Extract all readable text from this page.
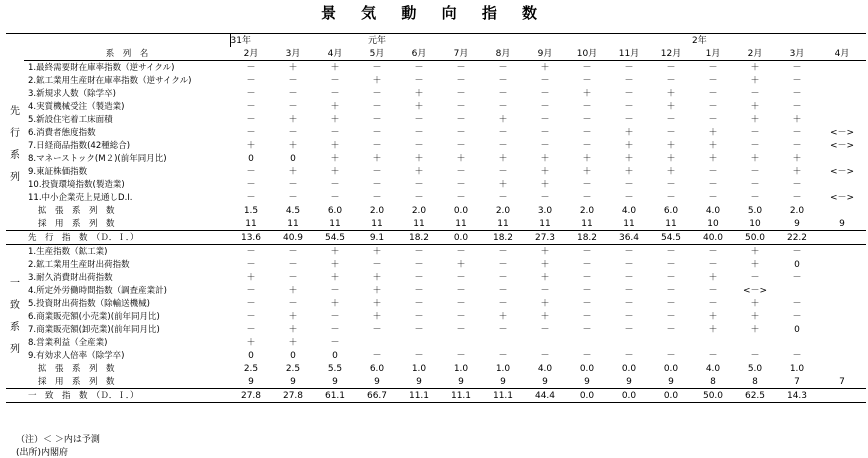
景 気 動 向 指 数
		31年			元年								2年			
	系　列　名	2月	3月	4月	5月	6月	7月	8月	9月	10月	11月	12月	1月	2月	3月	4月

先
行
系
列	1.最終需要財在庫率指数（逆サイクル)	－	＋	＋	－	－	－	－	＋	－	－	－	－	＋	－	
	2.鉱工業用生産財在庫率指数（逆サイクル)	－	－	－	＋	－	－	－	－	－	－	－	－	＋	－	
	3.新規求人数（除学卒)	－	－	－	－	＋	－	－	－	＋	－	＋	－	－	－	
	4.実質機械受注（製造業)	－	－	＋	－	＋	－	－	－	－	－	＋	－	＋	－	
	5.新設住宅着工床面積	－	＋	＋	－	－	－	＋	－	－	－	－	－	＋	＋	
	6.消費者態度指数	－	－	－	－	－	－	－	－	－	＋	－	＋	－	－	<－>
	7.日経商品指数(42種総合)	＋	＋	＋	－	－	－	－	－	－	＋	＋	＋	－	－	<－>
	8.マネーストック(M２)(前年同月比)	0	0	＋	＋	＋	＋	＋	＋	＋	＋	＋	＋	＋	＋	
	9.東証株価指数	－	＋	＋	－	＋	－	－	＋	＋	＋	＋	－	－	＋	<－>
	10.投資環境指数(製造業)	－	－	－	－	－	－	＋	＋	－	－	－	－	－	－	
	11.中小企業売上見通しD.I.	－	－	－	－	－	－	－	－	－	－	－	－	－	－	<－>
	拡　張　系　列　数	1.5	4.5	6.0	2.0	2.0	0.0	2.0	3.0	2.0	4.0	6.0	4.0	5.0	2.0	
	採　用　系　列　数	11	11	11	11	11	11	11	11	11	11	11	10	10	9	9
	先　行　指　数　（Ｄ．Ｉ．）	13.6	40.9	54.5	9.1	18.2	0.0	18.2	27.3	18.2	36.4	54.5	40.0	50.0	22.2	

一
致
系
列	1.生産指数（鉱工業)	－	－	＋	＋	－	－	－	＋	－	－	－	－	＋	－	
	2.鉱工業用生産財出荷指数	－	－	＋	－	－	＋	－	＋	－	－	－	－	＋	0	
	3.耐久消費財出荷指数	＋	－	＋	＋	－	－	－	＋	－	－	－	＋	－	－	
	4.所定外労働時間指数（調査産業計)	－	＋	－	＋	－	－	－	－	－	－	－	－	<－>		
	5.投資財出荷指数（除輸送機械)	－	－	＋	＋	－	－	－	＋	－	－	－	－	＋	－	
	6.商業販売額(小売業)(前年同月比)	－	＋	－	＋	－	－	＋	＋	－	－	－	＋	＋	－	
	7.商業販売額(卸売業)(前年同月比)	－	＋	－	－	－	－	－	－	－	－	－	＋	＋	0	
	8.営業利益（全産業)	＋	＋	－												
	9.有効求人倍率（除学卒)	0	0	0	－	－	－	－	－	－	－	－	－	－	－	
	拡　張　系　列　数	2.5	2.5	5.5	6.0	1.0	1.0	1.0	4.0	0.0	0.0	0.0	4.0	5.0	1.0	
	採　用　系　列　数	9	9	9	9	9	9	9	9	9	9	9	8	8	7	7
	一　致　指　数　（Ｄ．Ｉ．）	27.8	27.8	61.1	66.7	11.1	11.1	11.1	44.4	0.0	0.0	0.0	50.0	62.5	14.3	
（注）＜ ＞内は予測
(出所)内閣府
